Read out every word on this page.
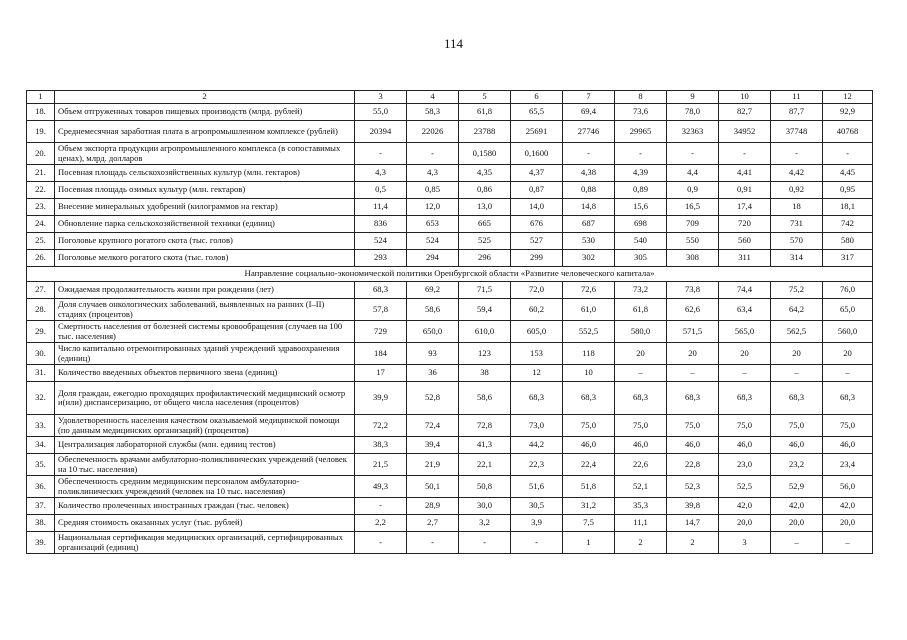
114
1	2	3	4	5	6	7	8	9	10	11	12
18.	Объем отгруженных товаров пищевых производств (млрд. рублей)	55,0	58,3	61,8	65,5	69,4	73,6	78,0	82,7	87,7	92,9
19.	Среднемесячная заработная плата в агропромышленном комплексе (рублей)	20394	22026	23788	25691	27746	29965	32363	34952	37748	40768
20.	Объем экспорта продукции агропромышленного комплекса (в сопоставимых ценах), млрд. долларов	-	-	0,1580	0,1600	-	-	-	-	-	-
21.	Посевная площадь сельскохозяйственных культур (млн. гектаров)	4,3	4,3	4,35	4,37	4,38	4,39	4,4	4,41	4,42	4,45
22.	Посевная площадь озимых культур (млн. гектаров)	0,5	0,85	0,86	0,87	0,88	0,89	0,9	0,91	0,92	0,95
23.	Внесение минеральных удобрений (килограммов на гектар)	11,4	12,0	13,0	14,0	14,8	15,6	16,5	17,4	18	18,1
24.	Обновление парка сельскохозяйственной техники (единиц)	836	653	665	676	687	698	709	720	731	742
25.	Поголовье крупного рогатого скота (тыс. голов)	524	524	525	527	530	540	550	560	570	580
26.	Поголовье мелкого рогатого скота (тыс. голов)	293	294	296	299	302	305	308	311	314	317
Направление социально-экономической политики Оренбургской области «Развитие человеческого капитала»											
27.	Ожидаемая продолжительность жизни при рождении (лет)	68,3	69,2	71,5	72,0	72,6	73,2	73,8	74,4	75,2	76,0
28.	Доля случаев онкологических заболеваний, выявленных на ранних (I–II) стадиях (процентов)	57,8	58,6	59,4	60,2	61,0	61,8	62,6	63,4	64,2	65,0
29.	Смертность населения от болезней системы кровообращения (случаев на 100 тыс. населения)	729	650,0	610,0	605,0	552,5	580,0	571,5	565,0	562,5	560,0
30.	Число капитально отремонтированных зданий учреждений здравоохранения (единиц)	184	93	123	153	118	20	20	20	20	20
31.	Количество введенных объектов первичного звена (единиц)	17	36	38	12	10	–	–	–	–	–
32.	Доля граждан, ежегодно проходящих профилактический медицинский осмотр и(или) диспансеризацию, от общего числа населения (процентов)	39,9	52,8	58,6	68,3	68,3	68,3	68,3	68,3	68,3	68,3
33.	Удовлетворенность населения качеством оказываемой медицинской помощи (по данным медицинских организаций) (процентов)	72,2	72,4	72,8	73,0	75,0	75,0	75,0	75,0	75,0	75,0
34.	Централизация лабораторной службы (млн. единиц тестов)	38,3	39,4	41,3	44,2	46,0	46,0	46,0	46,0	46,0	46,0
35.	Обеспеченность врачами амбулаторно-поликлинических учреждений (человек на 10 тыс. населения)	21,5	21,9	22,1	22,3	22,4	22,6	22,8	23,0	23,2	23,4
36.	Обеспеченность средним медицинским персоналом амбулаторно-поликлинических учреждений (человек на 10 тыс. населения)	49,3	50,1	50,8	51,6	51,8	52,1	52,3	52,5	52,9	56,0
37.	Количество пролеченных иностранных граждан (тыс. человек)	-	28,9	30,0	30,5	31,2	35,3	39,8	42,0	42,0	42,0
38.	Средняя стоимость оказанных услуг (тыс. рублей)	2,2	2,7	3,2	3,9	7,5	11,1	14,7	20,0	20,0	20,0
39.	Национальная сертификация медицинских организаций, сертифицированных организаций (единиц)	-	-	-	-	1	2	2	3	–	–
